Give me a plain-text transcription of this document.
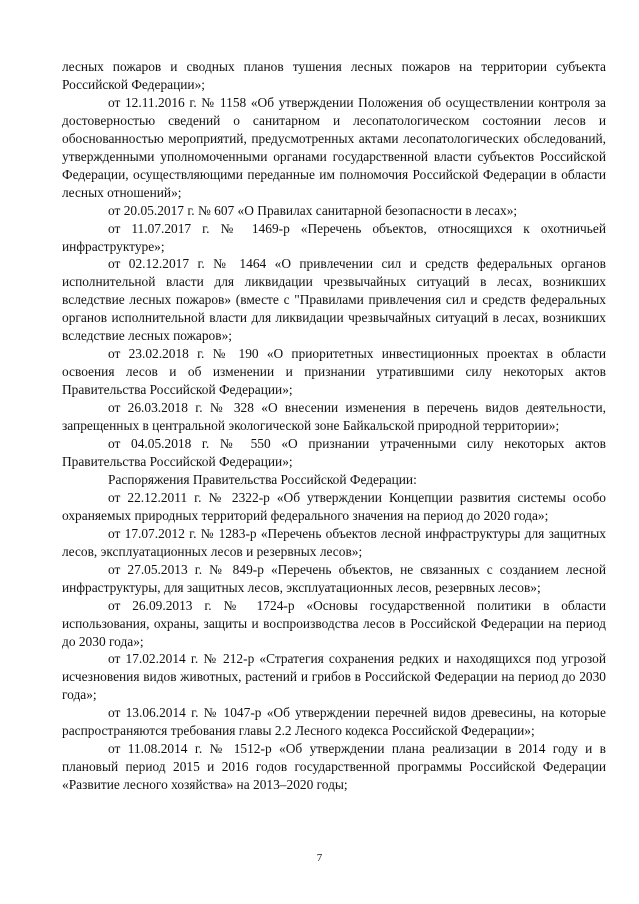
лесных пожаров и сводных планов тушения лесных пожаров на территории субъекта Российской Федерации»;

от 12.11.2016 г. № 1158 «Об утверждении Положения об осуществлении контроля за достоверностью сведений о санитарном и лесопатологическом состоянии лесов и обоснованностью мероприятий, предусмотренных актами лесопатологических обследований, утвержденными уполномоченными органами государственной власти субъектов Российской Федерации, осуществляющими переданные им полномочия Российской Федерации в области лесных отношений»;

от 20.05.2017 г. № 607 «О Правилах санитарной безопасности в лесах»;

от 11.07.2017 г. № 1469-р «Перечень объектов, относящихся к охотничьей инфраструктуре»;

от 02.12.2017 г. № 1464 «О привлечении сил и средств федеральных органов исполнительной власти для ликвидации чрезвычайных ситуаций в лесах, возникших вследствие лесных пожаров» (вместе с "Правилами привлечения сил и средств федеральных органов исполнительной власти для ликвидации чрезвычайных ситуаций в лесах, возникших вследствие лесных пожаров»;

от 23.02.2018 г. № 190 «О приоритетных инвестиционных проектах в области освоения лесов и об изменении и признании утратившими силу некоторых актов Правительства Российской Федерации»;

от 26.03.2018 г. № 328 «О внесении изменения в перечень видов деятельности, запрещенных в центральной экологической зоне Байкальской природной территории»;

от 04.05.2018 г. № 550 «О признании утраченными силу некоторых актов Правительства Российской Федерации»;

Распоряжения Правительства Российской Федерации:

от 22.12.2011 г. № 2322-р «Об утверждении Концепции развития системы особо охраняемых природных территорий федерального значения на период до 2020 года»;

от 17.07.2012 г. № 1283-р «Перечень объектов лесной инфраструктуры для защитных лесов, эксплуатационных лесов и резервных лесов»;

от 27.05.2013 г. № 849-р «Перечень объектов, не связанных с созданием лесной инфраструктуры, для защитных лесов, эксплуатационных лесов, резервных лесов»;

от 26.09.2013 г. № 1724-р «Основы государственной политики в области использования, охраны, защиты и воспроизводства лесов в Российской Федерации на период до 2030 года»;

от 17.02.2014 г. № 212-р «Стратегия сохранения редких и находящихся под угрозой исчезновения видов животных, растений и грибов в Российской Федерации на период до 2030 года»;

от 13.06.2014 г. № 1047-р «Об утверждении перечней видов древесины, на которые распространяются требования главы 2.2 Лесного кодекса Российской Федерации»;

от 11.08.2014 г. № 1512-р «Об утверждении плана реализации в 2014 году и в плановый период 2015 и 2016 годов государственной программы Российской Федерации «Развитие лесного хозяйства» на 2013–2020 годы;

7
